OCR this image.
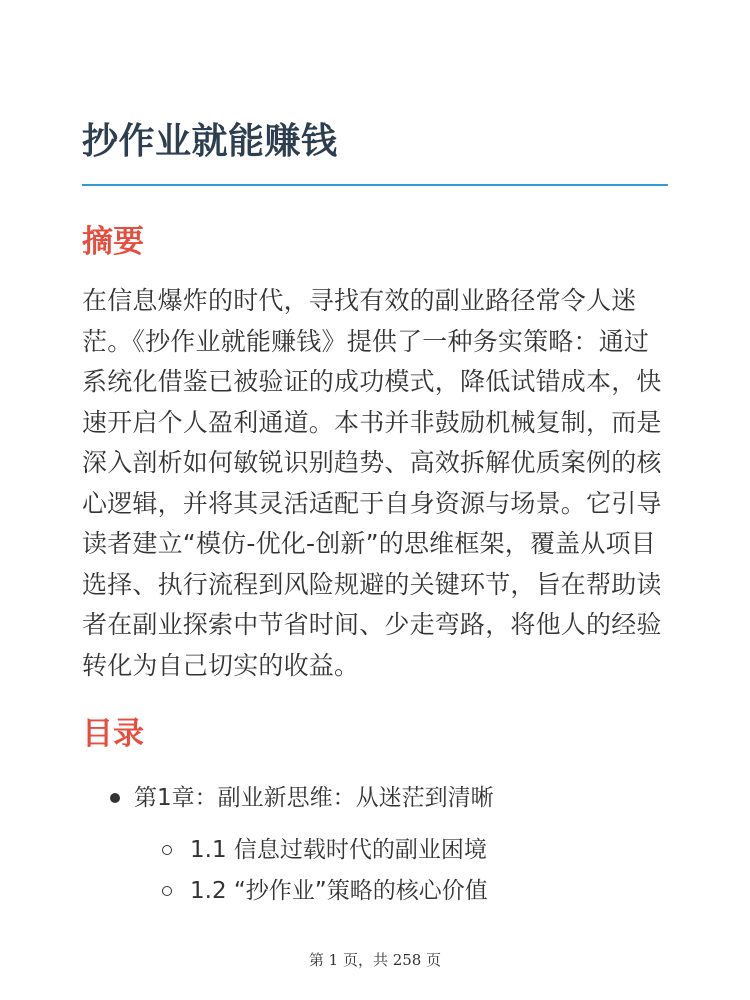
抄作业就能赚钱
摘要

在信息爆炸的时代，寻找有效的副业路径常令人迷茫。《抄作业就能赚钱》提供了一种务实策略：通过系统化借鉴已被验证的成功模式，降低试错成本，快速开启个人盈利通道。本书并非鼓励机械复制，而是深入剖析如何敏锐识别趋势、高效拆解优质案例的核心逻辑，并将其灵活适配于自身资源与场景。它引导读者建立“模仿-优化-创新”的思维框架，覆盖从项目选择、执行流程到风险规避的关键环节，旨在帮助读者在副业探索中节省时间、少走弯路，将他人的经验转化为自己切实的收益。

目录
第1章：副业新思维：从迷茫到清晰
1.1 信息过载时代的副业困境
1.2 “抄作业”策略的核心价值
第 1 页，共 258 页
